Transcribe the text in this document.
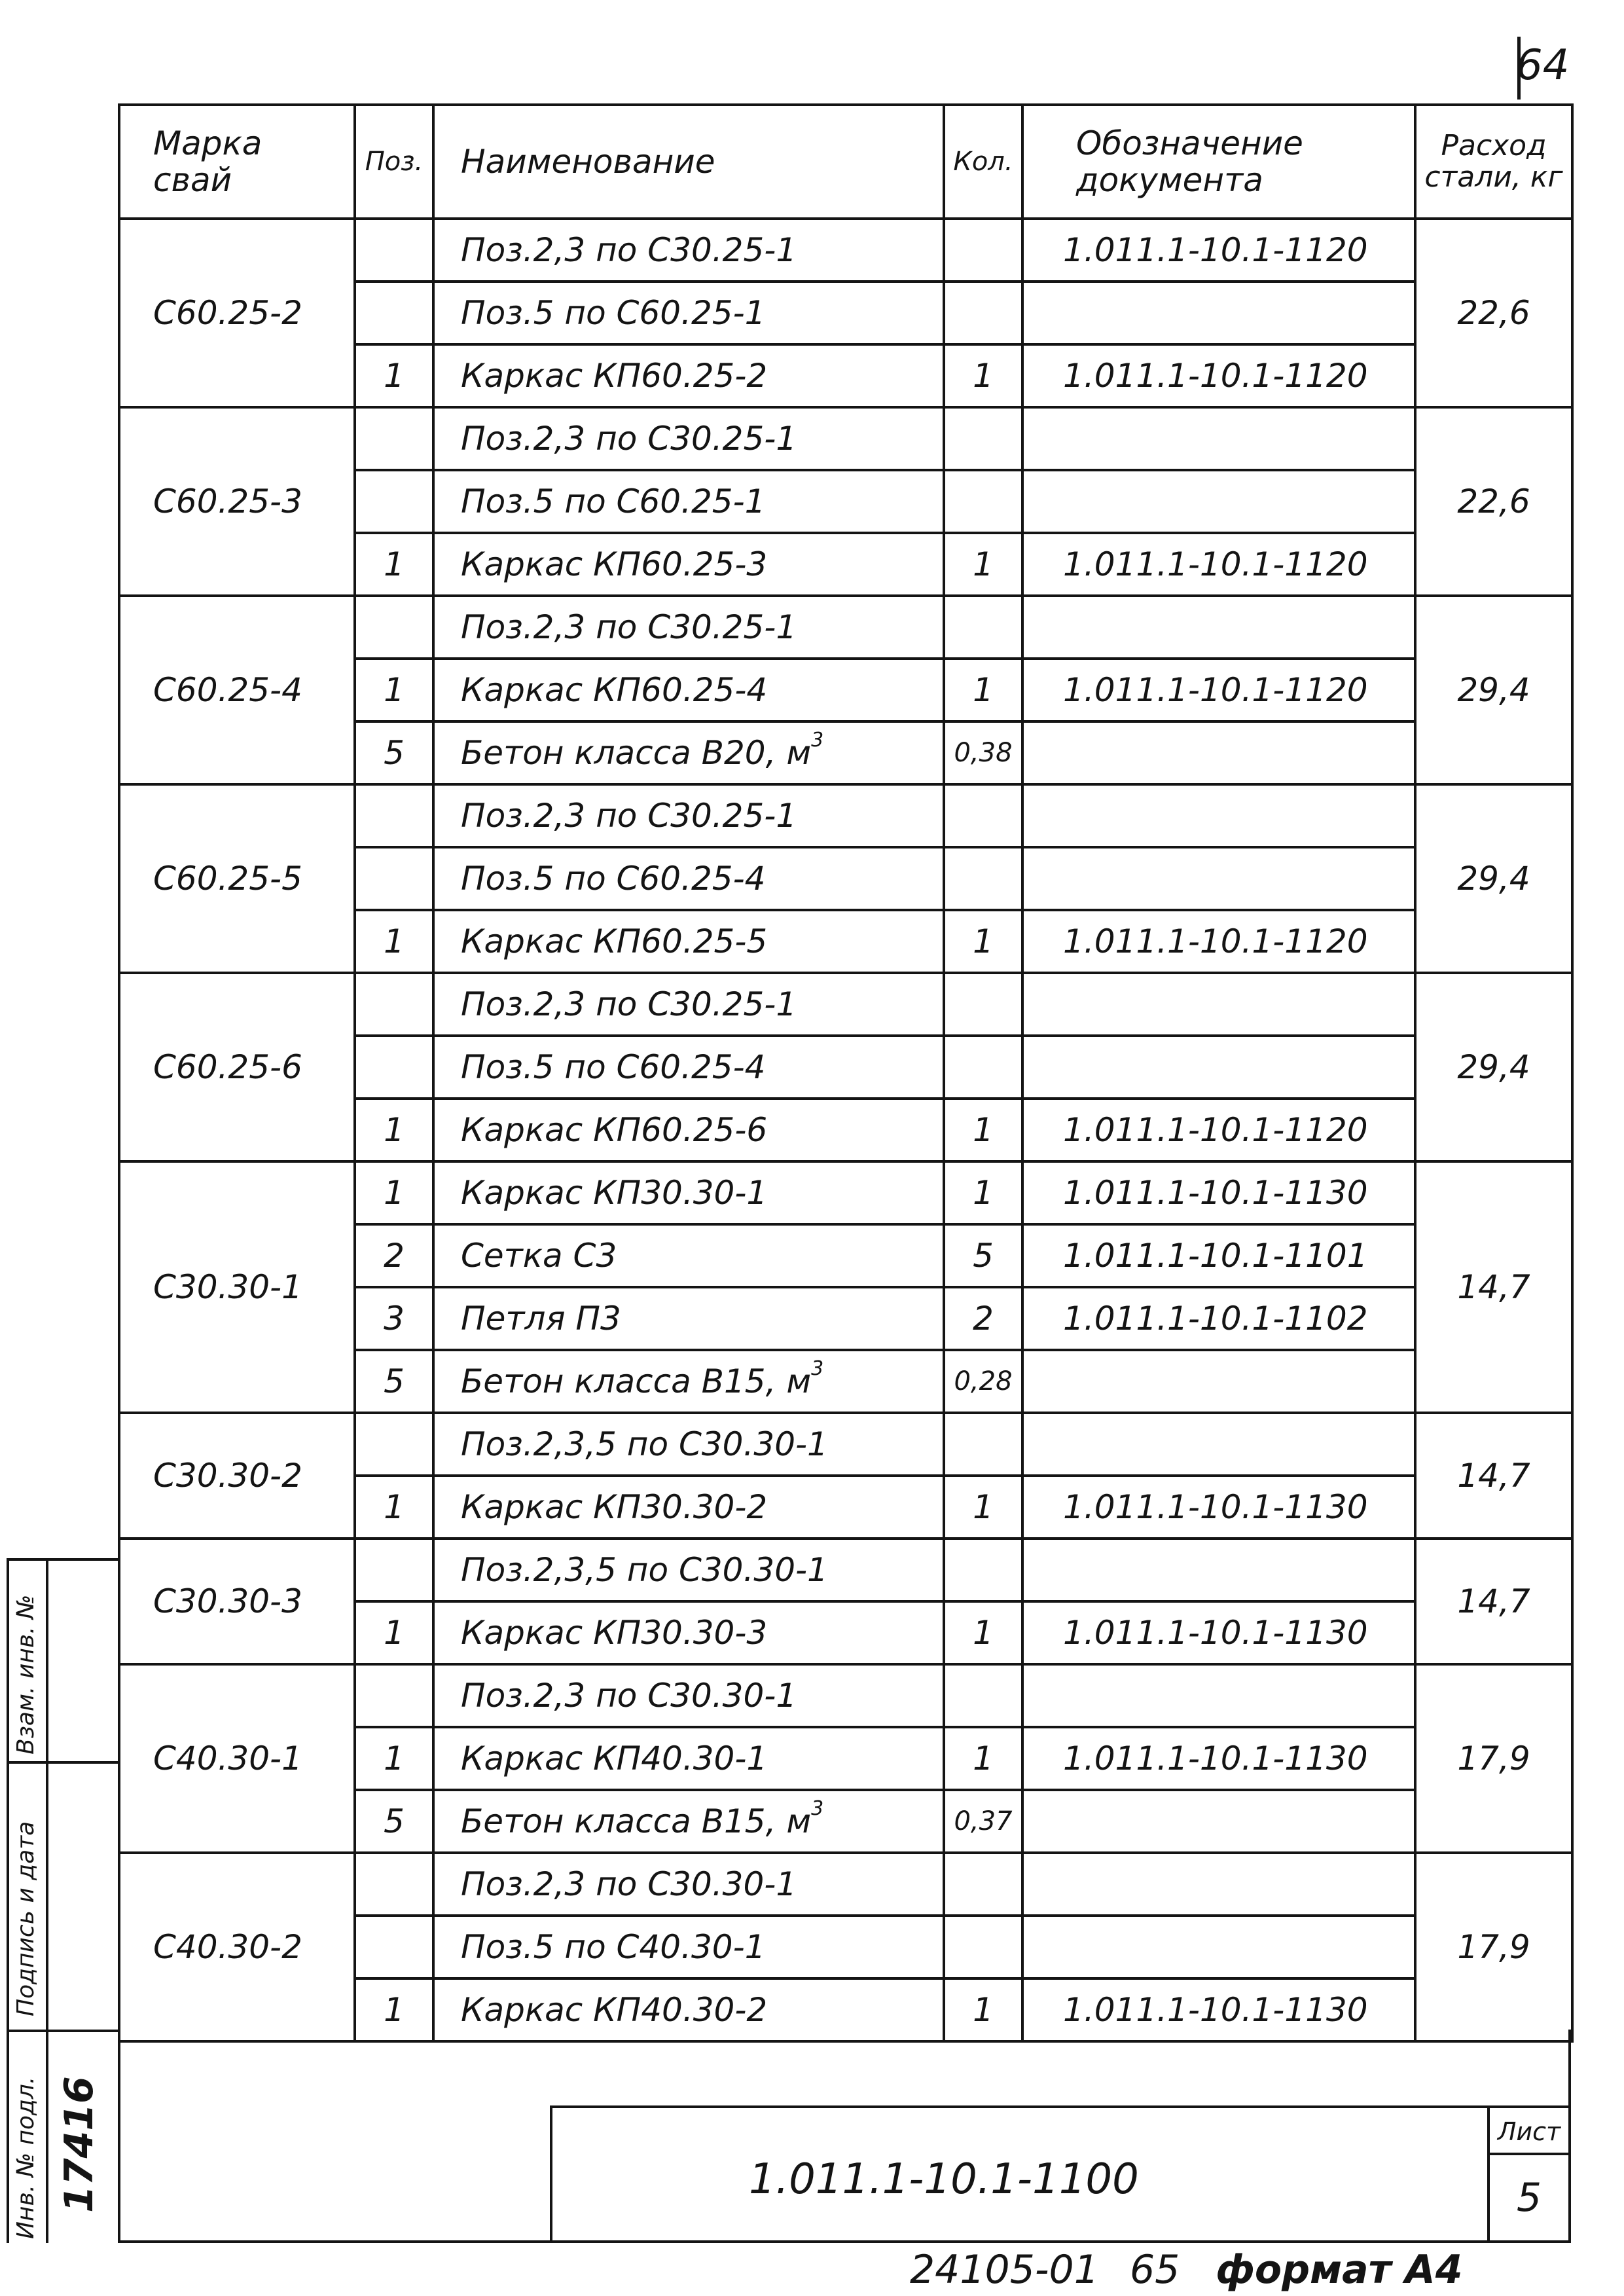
64
Марка свай	Поз.	Наименование	Кол.	Обозначение документа	Расход стали, кг
С60.25-2		Поз.2,3 по С30.25-1		1.011.1-10.1-1120	22,6
		Поз.5 по С60.25-1			
	1	Каркас КП60.25-2	1	1.011.1-10.1-1120	
С60.25-3		Поз.2,3 по С30.25-1			22,6
		Поз.5 по С60.25-1			
	1	Каркас КП60.25-3	1	1.011.1-10.1-1120	
С60.25-4		Поз.2,3 по С30.25-1			29,4
	1	Каркас КП60.25-4	1	1.011.1-10.1-1120	
	5	Бетон класса В20, $м^3$	0,38		
С60.25-5		Поз.2,3 по С30.25-1			29,4
		Поз.5 по С60.25-4			
	1	Каркас КП60.25-5	1	1.011.1-10.1-1120	
С60.25-6		Поз.2,3 по С30.25-1			29,4
		Поз.5 по С60.25-4			
	1	Каркас КП60.25-6	1	1.011.1-10.1-1120	
С30.30-1	1	Каркас КП30.30-1	1	1.011.1-10.1-1130	14,7
	2	Сетка С3	5	1.011.1-10.1-1101	
	3	Петля П3	2	1.011.1-10.1-1102	
	5	Бетон класса В15, $м^3$	0,28		
С30.30-2		Поз.2,3,5 по С30.30-1			14,7
	1	Каркас КП30.30-2	1	1.011.1-10.1-1130	
С30.30-3		Поз.2,3,5 по С30.30-1			14,7
	1	Каркас КП30.30-3	1	1.011.1-10.1-1130	
С40.30-1		Поз.2,3 по С30.30-1			17,9
	1	Каркас КП40.30-1	1	1.011.1-10.1-1130	
	5	Бетон класса В15, $м^3$	0,37		
С40.30-2		Поз.2,3 по С30.30-1			17,9
		Поз.5 по С40.30-1			
	1	Каркас КП40.30-2	1	1.011.1-10.1-1130	
1.011.1-10.1-1100
Лист
5
Взам. инв. №
Подпись и дата
Инв. № подл. 17416
24105-01 65 формат А4
